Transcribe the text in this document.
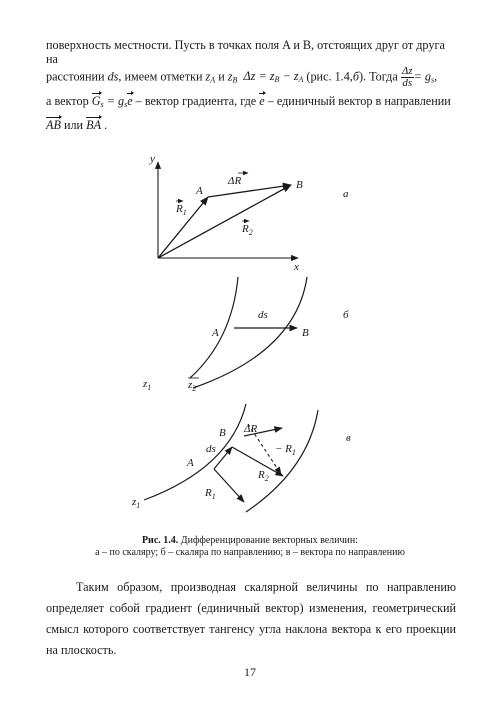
поверхность местности. Пусть в точках поля A и B, отстоящих друг от друга на
расстоянии ds, имеем отметки $z_A$ и $z_B$ $\Delta z = z_B - z_A$ (рис. 1.4,б). Тогда $\frac{\Delta z}{ds} = g_s$,
а вектор $G_s = g_se$ – вектор градиента, где e – единичный вектор в направлении
AB или BA .
y
x
A	B
ΔR
$R_1$
$R_2$
а
A	B
ds
$z_1$	$z_2$
б
B
ds
A
ΔR
− $R_1$
$R_2$
$R_1$
$z_1$
в
Рис. 1.4. Дифференцирование векторных величин:
а – по скаляру; б – скаляра по направлению; в – вектора по направлению
Таким образом, производная скалярной величины по направлению определяет собой градиент (единичный вектор) изменения, геометрический смысл которого соответствует тангенсу угла наклона вектора к его проекции на плоскость.
17
